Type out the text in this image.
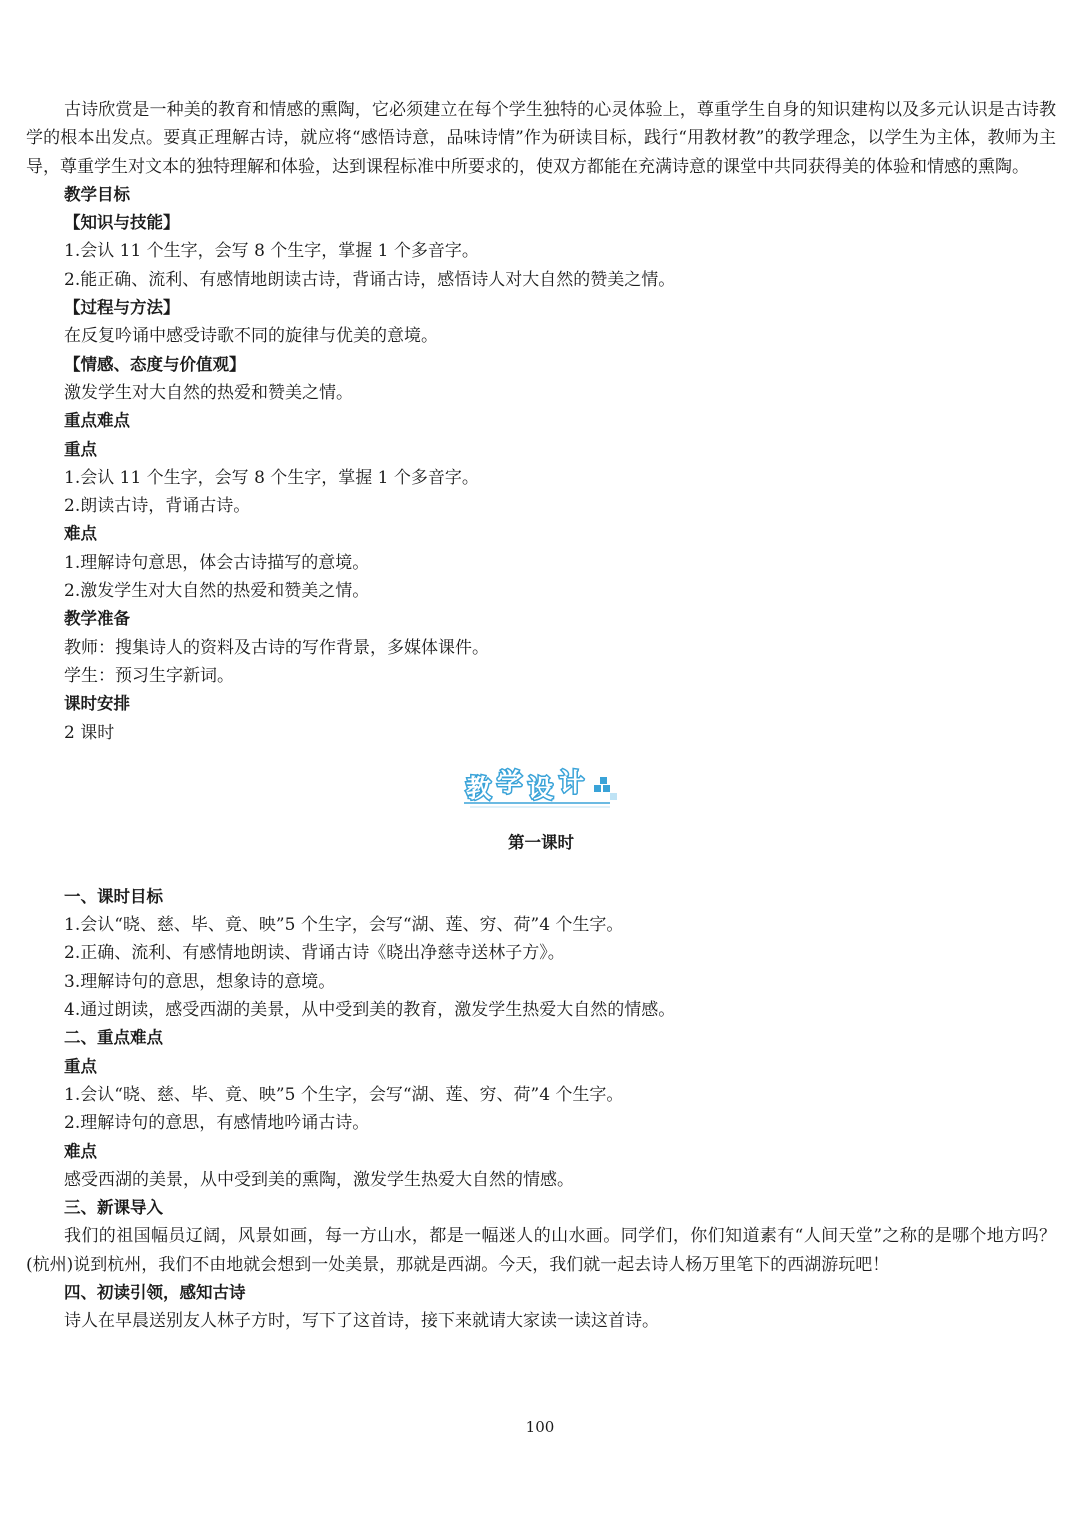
古诗欣赏是一种美的教育和情感的熏陶，它必须建立在每个学生独特的心灵体验上，尊重学生自身的知识建构以及多元认识是古诗教学的根本出发点。要真正理解古诗，就应将“感悟诗意，品味诗情”作为研读目标，践行“用教材教”的教学理念，以学生为主体，教师为主导，尊重学生对文本的独特理解和体验，达到课程标准中所要求的，使双方都能在充满诗意的课堂中共同获得美的体验和情感的熏陶。

教学目标

【知识与技能】

1.会认 11 个生字，会写 8 个生字，掌握 1 个多音字。

2.能正确、流利、有感情地朗读古诗，背诵古诗，感悟诗人对大自然的赞美之情。

【过程与方法】

在反复吟诵中感受诗歌不同的旋律与优美的意境。

【情感、态度与价值观】

激发学生对大自然的热爱和赞美之情。

重点难点

重点

1.会认 11 个生字，会写 8 个生字，掌握 1 个多音字。

2.朗读古诗，背诵古诗。

难点

1.理解诗句意思，体会古诗描写的意境。

2.激发学生对大自然的热爱和赞美之情。

教学准备

教师：搜集诗人的资料及古诗的写作背景，多媒体课件。

学生：预习生字新词。

课时安排

2 课时

教 学 设 计

第一课时

一、课时目标

1.会认“晓、慈、毕、竟、映”5 个生字，会写“湖、莲、穷、荷”4 个生字。

2.正确、流利、有感情地朗读、背诵古诗《晓出净慈寺送林子方》。

3.理解诗句的意思，想象诗的意境。

4.通过朗读，感受西湖的美景，从中受到美的教育，激发学生热爱大自然的情感。

二、重点难点

重点

1.会认“晓、慈、毕、竟、映”5 个生字，会写“湖、莲、穷、荷”4 个生字。

2.理解诗句的意思，有感情地吟诵古诗。

难点

感受西湖的美景，从中受到美的熏陶，激发学生热爱大自然的情感。

三、新课导入

我们的祖国幅员辽阔，风景如画，每一方山水，都是一幅迷人的山水画。同学们，你们知道素有“人间天堂”之称的是哪个地方吗？(杭州)说到杭州，我们不由地就会想到一处美景，那就是西湖。今天，我们就一起去诗人杨万里笔下的西湖游玩吧！

四、初读引领，感知古诗

诗人在早晨送别友人林子方时，写下了这首诗，接下来就请大家读一读这首诗。

100
